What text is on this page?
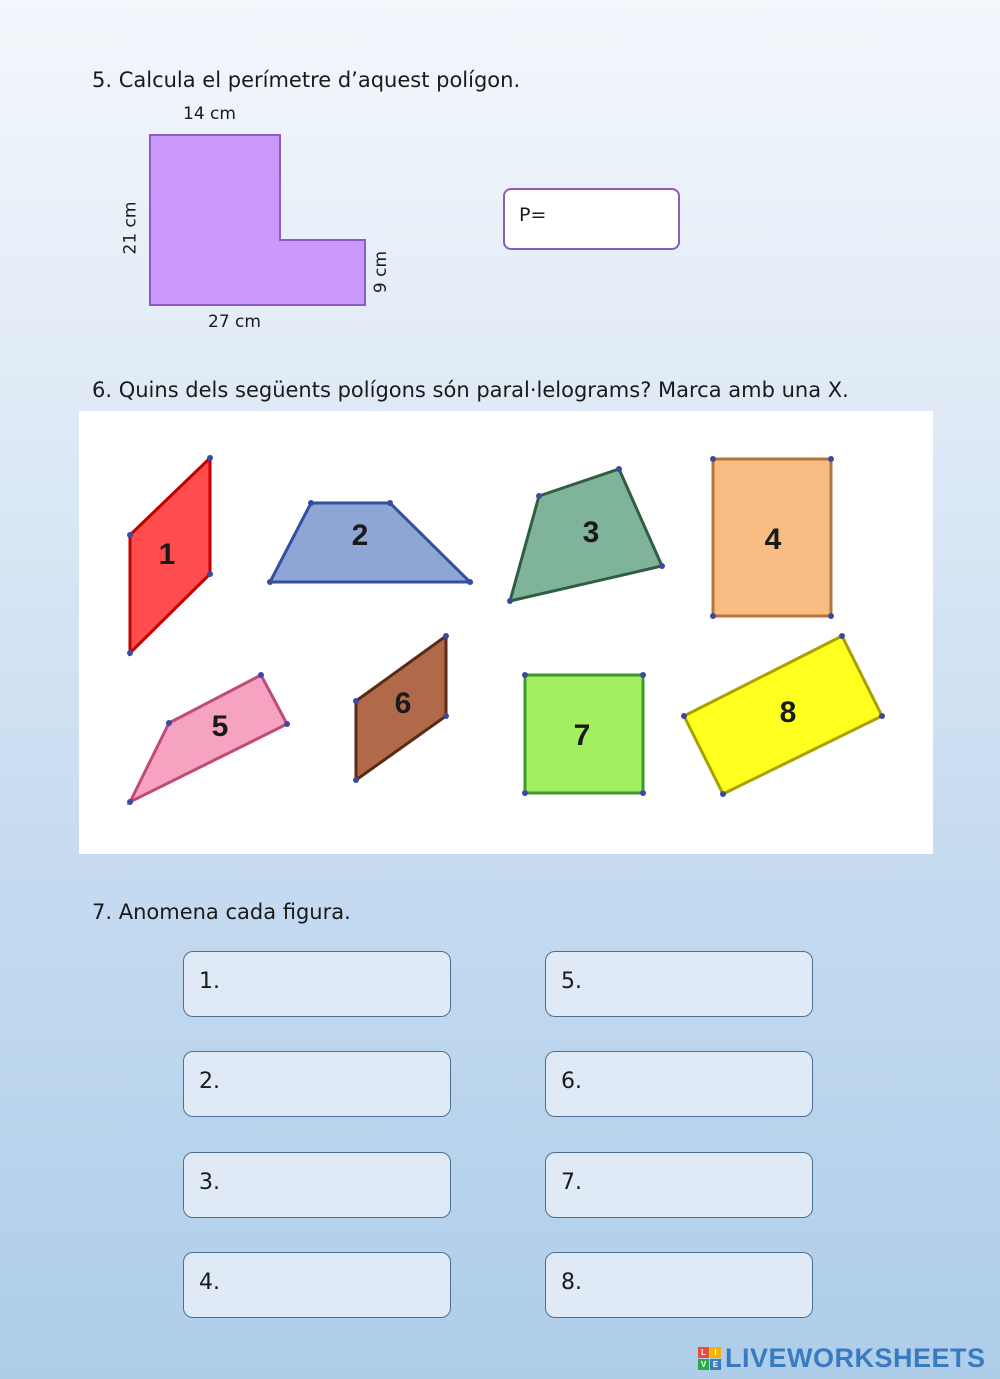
5. Calcula el perímetre d’aquest polígon.
14 cm
21 cm
9 cm
27 cm
P=
6. Quins dels següents polígons són paral·lelograms? Marca amb una X.
1
2	3	4
5
6
7
8
7. Anomena cada figura.
1.
2.
3.
4.
5.
6.
7.
8.
L	I
V E LIVEWORKSHEETS
